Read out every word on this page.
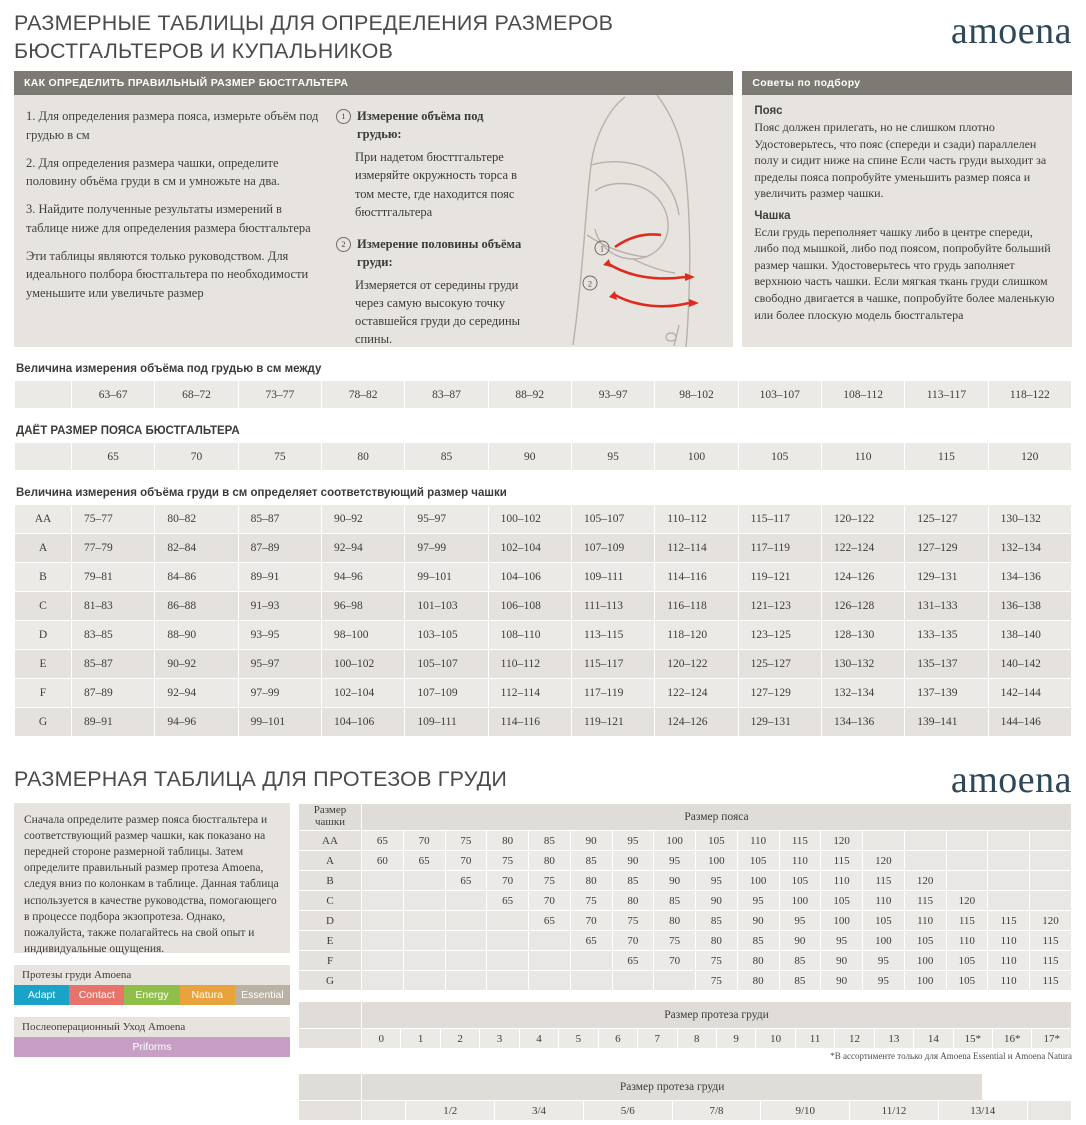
РАЗМЕРНЫЕ ТАБЛИЦЫ ДЛЯ ОПРЕДЕЛЕНИЯ РАЗМЕРОВ БЮСТГАЛЬТЕРОВ И КУПАЛЬНИКОВ	amoena
КАК ОПРЕДЕЛИТЬ ПРАВИЛЬНЫЙ РАЗМЕР БЮСТГАЛЬТЕРА

1. Для определения размера пояса, измерьте объём под грудью в см

2. Для определения размера чашки, определите половину объёма груди в см и умножьте на два.

3. Найдите полученные результаты измерений в таблице ниже для определения размера бюстгальтера

Эти таблицы являются только руководством. Для идеального полбора бюстгальтера по необходимости уменьшите или увеличьте размер

1 Измерение объёма под грудью:

При надетом бюсттгальтере измеряйте окружность торса в том месте, где находится пояс бюсттгальтера

2 Измерение половины объёма груди:

Измеряется от середины груди через самую высокую точку оставшейся груди до середины спины.

1
2
Советы по подбору
Пояс

Пояс должен прилегать, но не слишком плотно Удостоверьтесь, что пояс (спереди и сзади) параллелен полу и сидит ниже на спине Если часть груди выходит за пределы пояса попробуйте уменьшить размер пояса и увеличить размер чашки.

Чашка

Если грудь переполняет чашку либо в центре спереди, либо под мышкой, либо под поясом, попробуйте больший размер чашки. Удостоверьтесь что грудь заполняет верхнюю часть чашки. Если мягкая ткань груди слишком свободно двигается в чашке, попробуйте более маленькую или более плоскую модель бюстгальтера

Величина измерения объёма под грудью в см между
	63–67	68–72	73–77	78–82	83–87	88–92	93–97	98–102	103–107	108–112	113–117	118–122
ДАЁТ РАЗМЕР ПОЯСА БЮСТГАЛЬТЕРА
	65	70	75	80	85	90	95	100	105	110	115	120
Величина измерения объёма груди в см определяет соответствующий размер чашки
AA	75–77	80–82	85–87	90–92	95–97	100–102	105–107	110–112	115–117	120–122	125–127	130–132
A	77–79	82–84	87–89	92–94	97–99	102–104	107–109	112–114	117–119	122–124	127–129	132–134
B	79–81	84–86	89–91	94–96	99–101	104–106	109–111	114–116	119–121	124–126	129–131	134–136
C	81–83	86–88	91–93	96–98	101–103	106–108	111–113	116–118	121–123	126–128	131–133	136–138
D	83–85	88–90	93–95	98–100	103–105	108–110	113–115	118–120	123–125	128–130	133–135	138–140
E	85–87	90–92	95–97	100–102	105–107	110–112	115–117	120–122	125–127	130–132	135–137	140–142
F	87–89	92–94	97–99	102–104	107–109	112–114	117–119	122–124	127–129	132–134	137–139	142–144
G	89–91	94–96	99–101	104–106	109–111	114–116	119–121	124–126	129–131	134–136	139–141	144–146
РАЗМЕРНАЯ ТАБЛИЦА ДЛЯ ПРОТЕЗОВ ГРУДИ	amoena
Сначала определите размер пояса бюстгальтера и соответствующий размер чашки, как показано на передней стороне размерной таблицы. Затем определите правильный размер протеза Amoena, следуя вниз по колонкам в таблице. Данная таблица используется в качестве руководства, помогающего в процессе подбора экзопротеза. Однако, пожалуйста, также полагайтесь на свой опыт и индивидуальные ощущения.
Протезы груди Amoena
Adapt	Contact	Energy	Natura	Essential
Послеоперационный Уход Amoena
Priforms
Размер чашки	Размер пояса																
AA	65	70	75	80	85	90	95	100	105	110	115	120					
A	60	65	70	75	80	85	90	95	100	105	110	115	120				
B			65	70	75	80	85	90	95	100	105	110	115	120			
C				65	70	75	80	85	90	95	100	105	110	115	120		
D					65	70	75	80	85	90	95	100	105	110	115	115	120
E						65	70	75	80	85	90	95	100	105	110	110	115
F							65	70	75	80	85	90	95	100	105	110	115
G									75	80	85	90	95	100	105	110	115
	Размер протеза груди																	
	0	1	2	3	4	5	6	7	8	9	10	11	12	13	14	15*	16*	17*
*В ассортименте только для Amoena Essential и Amoena Natura
	Размер протеза груди								
		1/2	3/4	5/6	7/8	9/10	11/12	13/14	
